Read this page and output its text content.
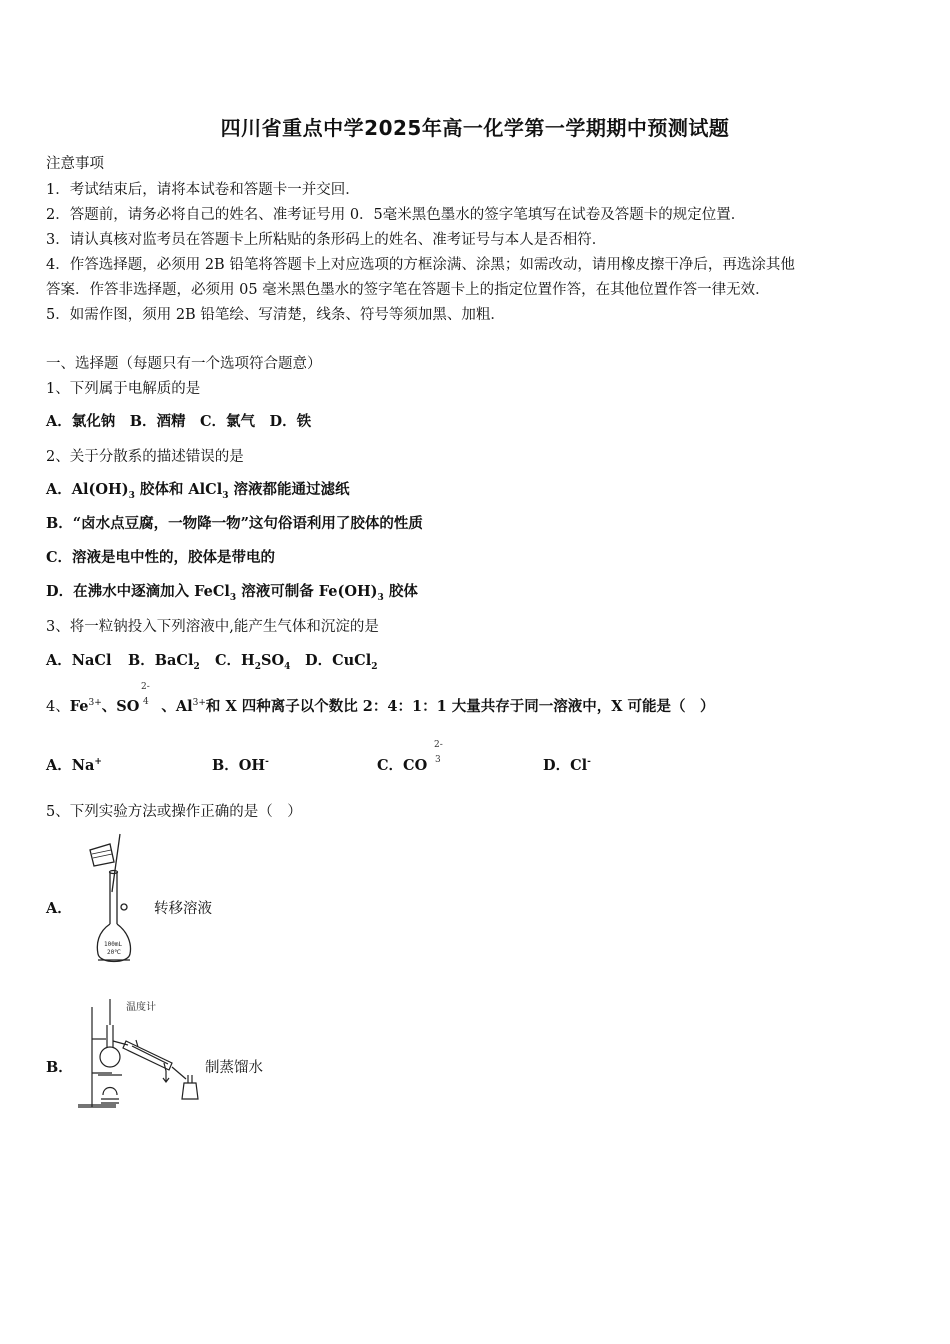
四川省重点中学2025年高一化学第一学期期中预测试题
注意事项
1．考试结束后，请将本试卷和答题卡一并交回．
2．答题前，请务必将自己的姓名、准考证号用 0．5毫米黑色墨水的签字笔填写在试卷及答题卡的规定位置．
3．请认真核对监考员在答题卡上所粘贴的条形码上的姓名、准考证号与本人是否相符．
4．作答选择题，必须用 2B 铅笔将答题卡上对应选项的方框涂满、涂黑；如需改动，请用橡皮擦干净后，再选涂其他
答案．作答非选择题，必须用 05 毫米黑色墨水的签字笔在答题卡上的指定位置作答，在其他位置作答一律无效．
5．如需作图，须用 2B 铅笔绘、写清楚，线条、符号等须加黑、加粗．
一、选择题（每题只有一个选项符合题意）
1、下列属于电解质的是
A．氯化钠　B．酒精　C．氯气　D．铁
2、关于分散系的描述错误的是
A．$Al(OH)_3$ 胶体和 AlCl$_3$ 溶液都能通过滤纸
B．“卤水点豆腐，一物降一物”这句俗语利用了胶体的性质
C．溶液是电中性的，胶体是带电的
D．在沸水中逐滴加入 FeCl$_3$ 溶液可制备 $Fe(OH)_3$ 胶体
3、将一粒钠投入下列溶液中,能产生气体和沉淀的是
A．NaCl B．BaCl$_2$ C．$H_2SO_4$ D．CuCl$_2$
4、$Fe^{3+}$、SO 、$Al^{3+}$和 X 四种离子以个数比 2：4：1：1 大量共存于同一溶液中，X 可能是（　）
2-
4
A．Na+	B．OH-	C．CO
2-
3	D．Cl-
5、下列实验方法或操作正确的是（　）
A．
100mL
20℃
转移溶液
B．
温度计
制蒸馏水
